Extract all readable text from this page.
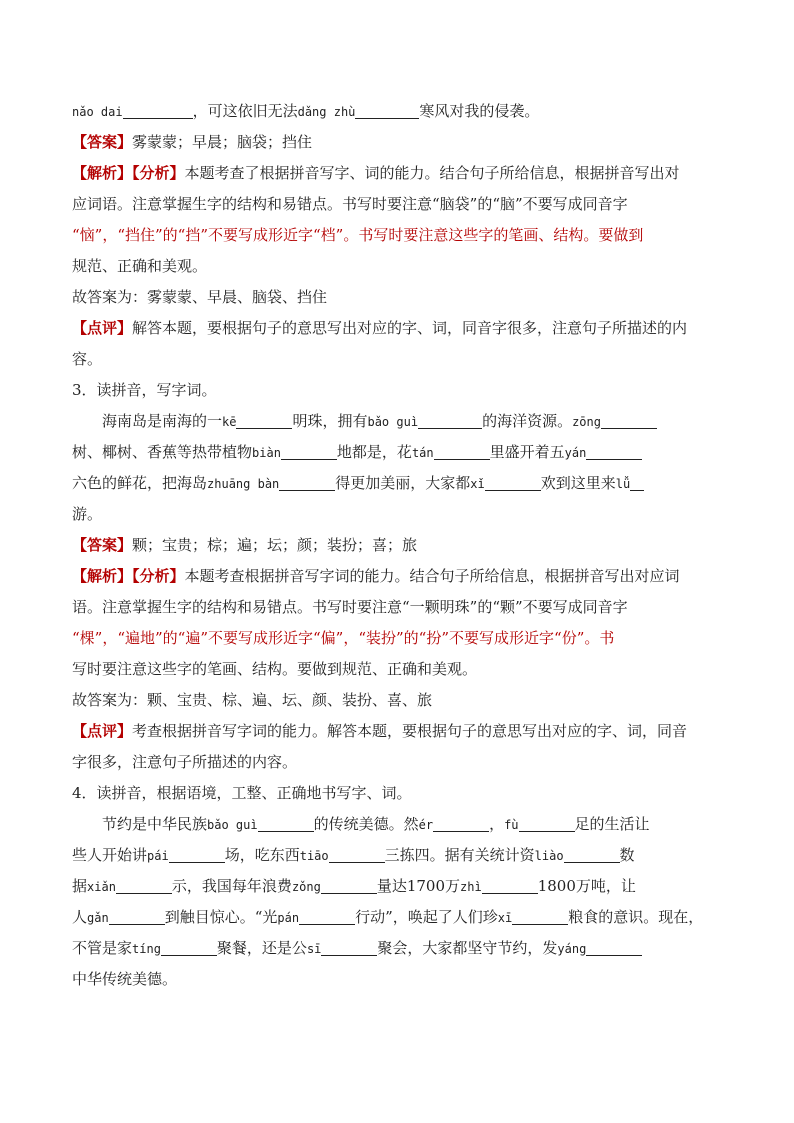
nǎo dai	，可这依旧无法dǎng zhù	寒风对我的侵袭。
【答案】雾蒙蒙；早晨；脑袋；挡住
【解析】【分析】本题考查了根据拼音写字、词的能力。结合句子所给信息，根据拼音写出对
应词语。注意掌握生字的结构和易错点。书写时要注意“脑袋”的“脑”不要写成同音字
“恼”，“挡住”的“挡”不要写成形近字“档”。书写时要注意这些字的笔画、结构。要做到
规范、正确和美观。
故答案为：雾蒙蒙、早晨、脑袋、挡住
【点评】解答本题，要根据句子的意思写出对应的字、词，同音字很多，注意句子所描述的内
容。
3．读拼音，写字词。
海南岛是南海的一kē	明珠，拥有bǎo guì	的海洋资源。zōng
树、椰树、香蕉等热带植物biàn	地都是，花tán	里盛开着五yán
六色的鲜花，把海岛zhuāng bàn	得更加美丽，大家都xǐ	欢到这里来lǚ
游。
【答案】颗；宝贵；棕；遍；坛；颜；装扮；喜；旅
【解析】【分析】本题考查根据拼音写字词的能力。结合句子所给信息，根据拼音写出对应词
语。注意掌握生字的结构和易错点。书写时要注意“一颗明珠”的“颗”不要写成同音字
“棵”，“遍地”的“遍”不要写成形近字“偏”，“装扮”的“扮”不要写成形近字“份”。书
写时要注意这些字的笔画、结构。要做到规范、正确和美观。
故答案为：颗、宝贵、棕、遍、坛、颜、装扮、喜、旅
【点评】考查根据拼音写字词的能力。解答本题，要根据句子的意思写出对应的字、词，同音
字很多，注意句子所描述的内容。
4．读拼音，根据语境，工整、正确地书写字、词。
节约是中华民族bǎo guì	的传统美德。然ér	，fù	足的生活让
些人开始讲pái	场，吃东西tiāo	三拣四。据有关统计资liào	数
据xiǎn	示，我国每年浪费zǒng	量达1700万zhì	1800万吨，让
人gǎn	到触目惊心。“光pán	行动”，唤起了人们珍xī	粮食的意识。现在，
不管是家tíng	聚餐，还是公sī	聚会，大家都坚守节约，发yáng
中华传统美德。
